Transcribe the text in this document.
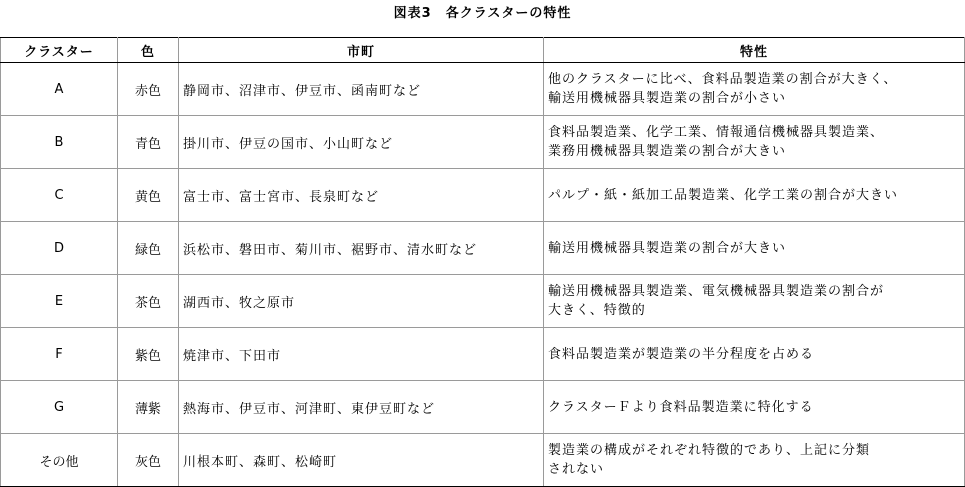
図表3　各クラスターの特性
クラスター	色	市町	特性
A	赤色	静岡市、沼津市、伊豆市、函南町など	他のクラスターに比べ、食料品製造業の割合が大きく、
輸送用機械器具製造業の割合が小さい

B	青色	掛川市、伊豆の国市、小山町など	食料品製造業、化学工業、情報通信機械器具製造業、
業務用機械器具製造業の割合が大きい

C	黄色	富士市、富士宮市、長泉町など	パルプ・紙・紙加工品製造業、化学工業の割合が大きい

D	緑色	浜松市、磐田市、菊川市、裾野市、清水町など	輸送用機械器具製造業の割合が大きい

E	茶色	湖西市、牧之原市	輸送用機械器具製造業、電気機械器具製造業の割合が
大きく、特徴的

F	紫色	焼津市、下田市	食料品製造業が製造業の半分程度を占める

G	薄紫	熱海市、伊豆市、河津町、東伊豆町など	クラスターＦより食料品製造業に特化する

その他	灰色	川根本町、森町、松崎町	製造業の構成がそれぞれ特徴的であり、上記に分類
されない
